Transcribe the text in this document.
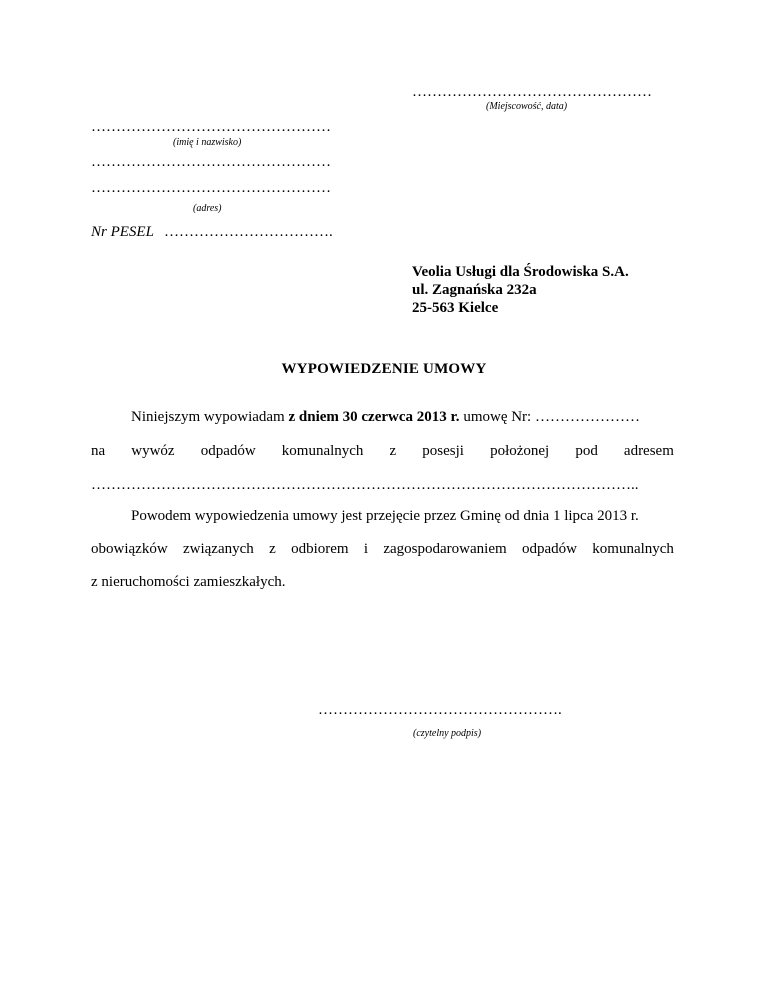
…………………………………………
(Miejscowość, data)
…………………………………………
(imię i nazwisko)
…………………………………………
…………………………………………
(adres)
Nr PESEL …………………………….
Veolia Usługi dla Środowiska S.A.
ul. Zagnańska 232a
25-563 Kielce
WYPOWIEDZENIE UMOWY
Niniejszym wypowiadam z dniem 30 czerwca 2013 r. umowę Nr: …………………
na wywóz odpadów komunalnych z posesji położonej pod adresem
………………………………………………………………………………………………..
Powodem wypowiedzenia umowy jest przejęcie przez Gminę od dnia 1 lipca 2013 r.
obowiązków związanych z odbiorem i zagospodarowaniem odpadów komunalnych
z nieruchomości zamieszkałych.
………………………………………….
(czytelny podpis)
